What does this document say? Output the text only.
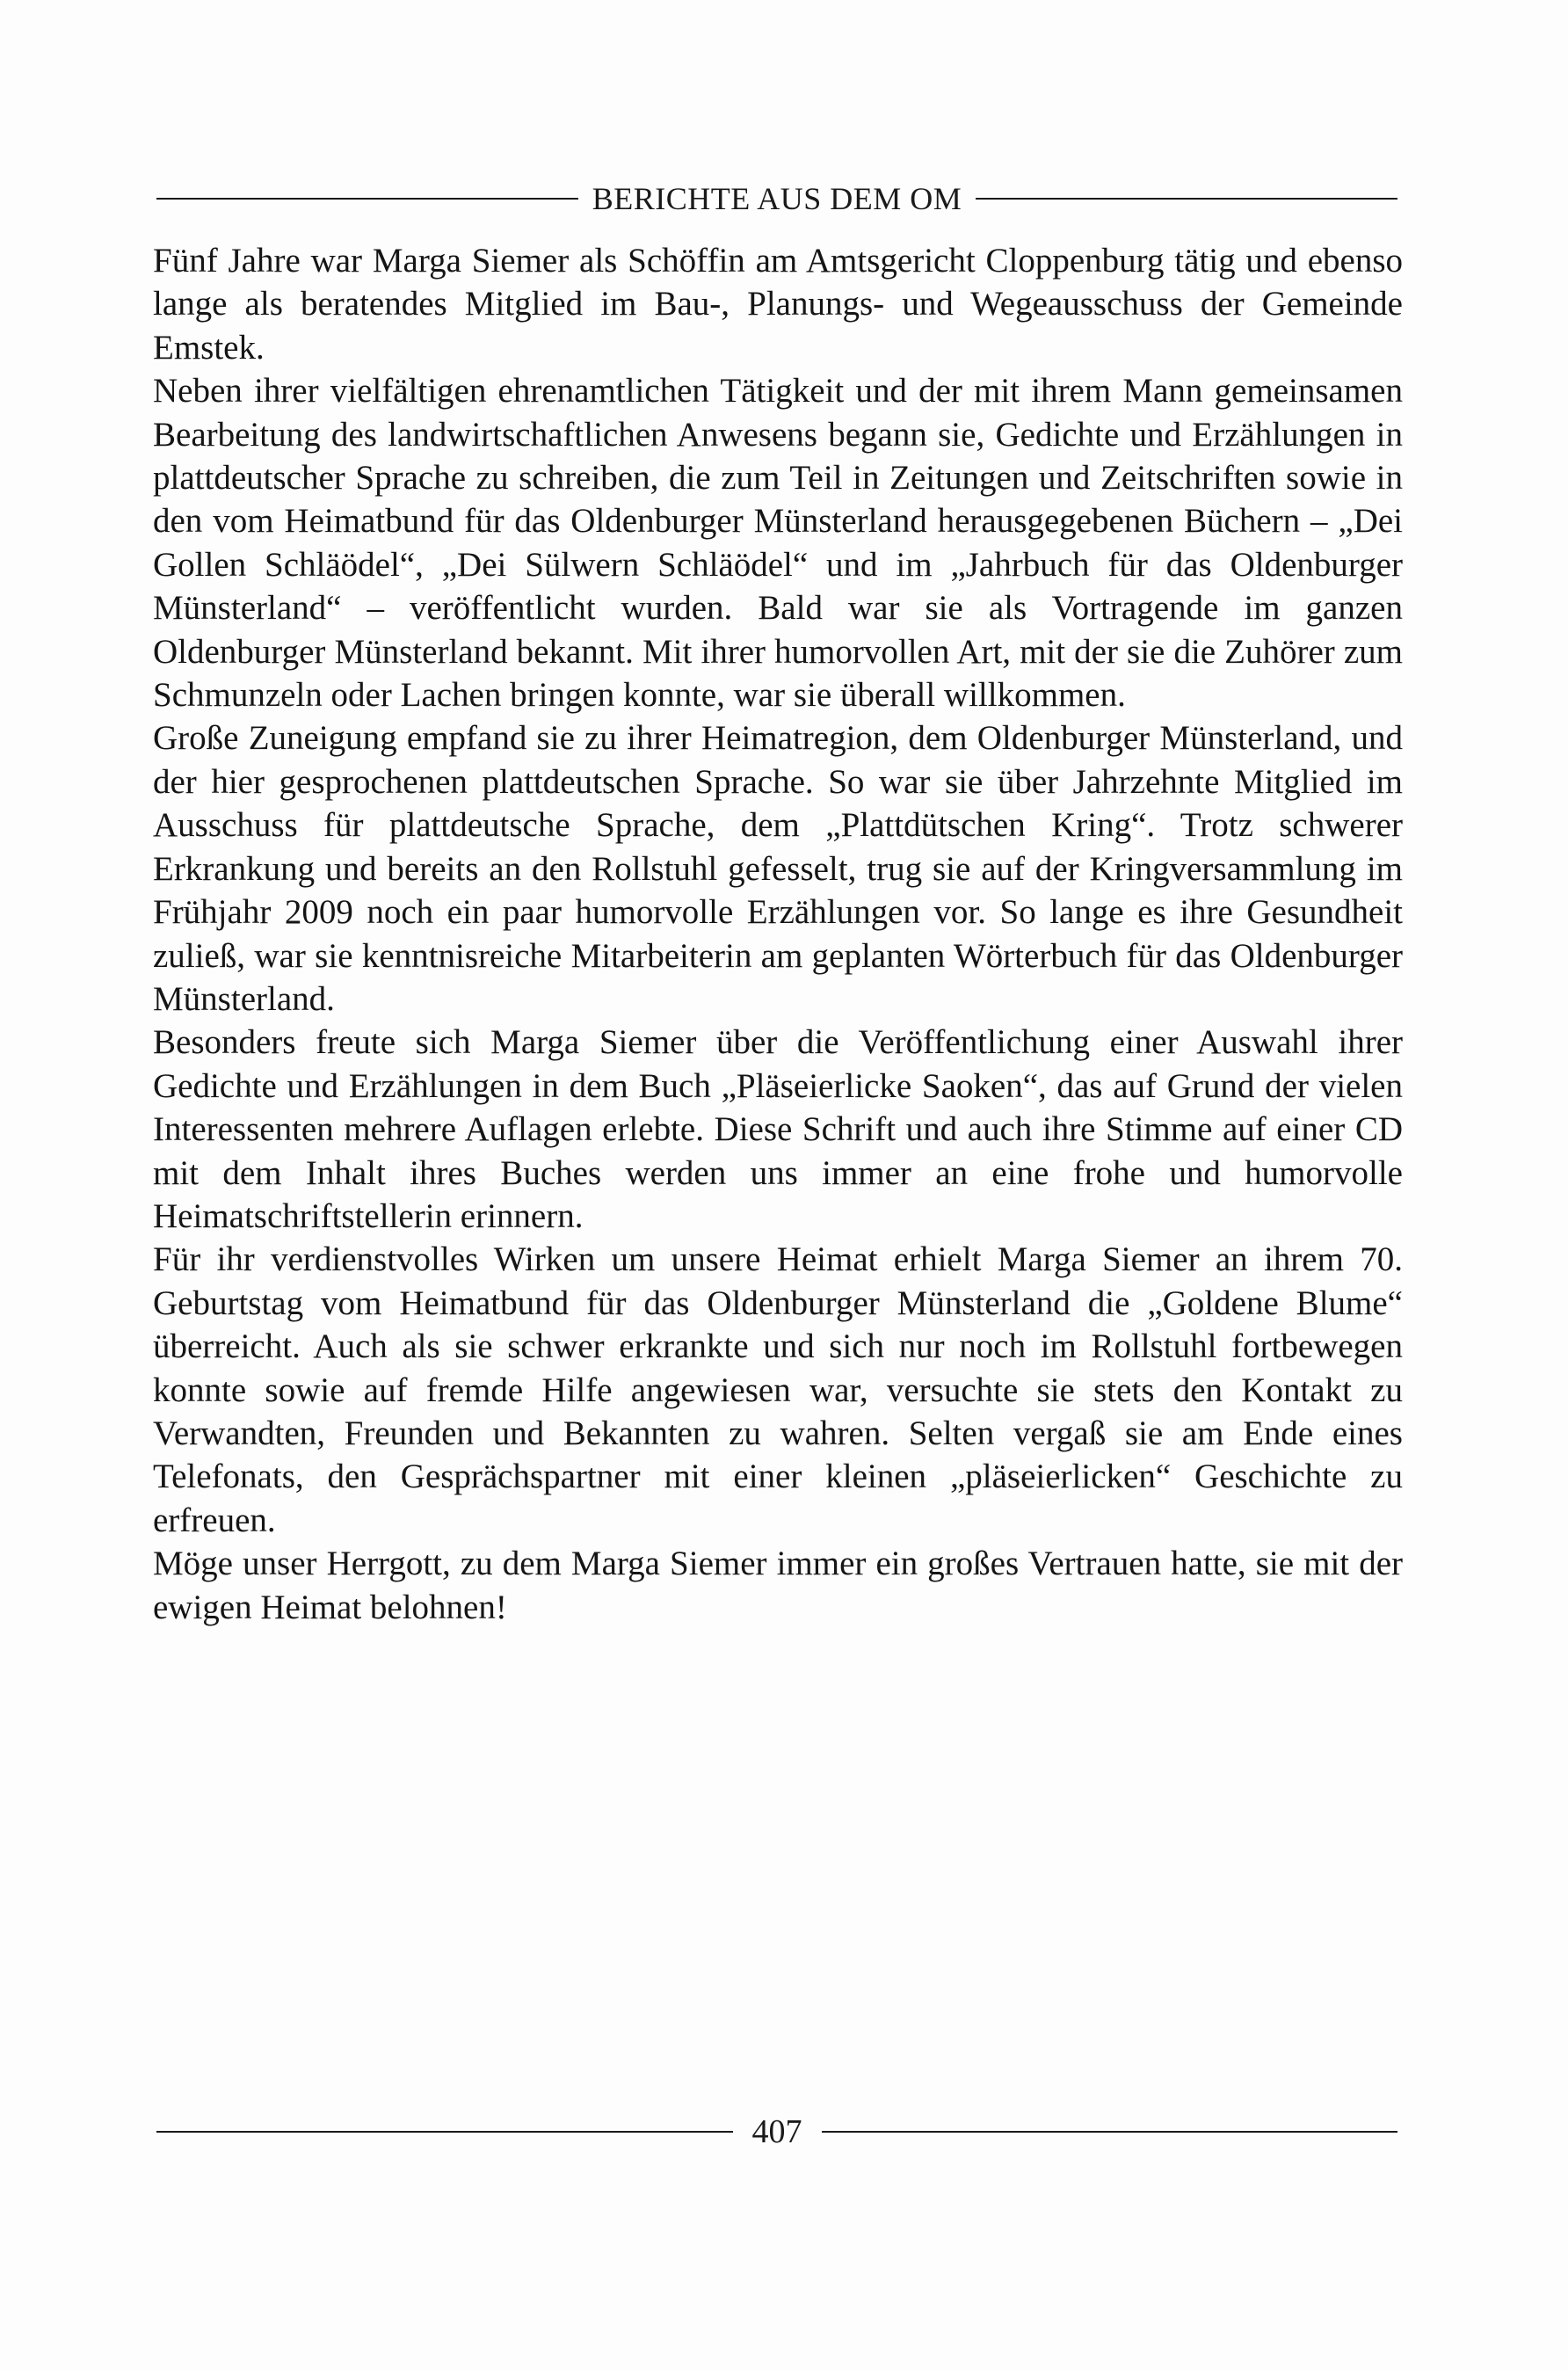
BERICHTE AUS DEM OM

Fünf Jahre war Marga Siemer als Schöffin am Amtsgericht Cloppenburg tätig und ebenso lange als beratendes Mitglied im Bau-, Planungs- und Wegeausschuss der Gemeinde Emstek.

Neben ihrer vielfältigen ehrenamtlichen Tätigkeit und der mit ihrem Mann gemeinsamen Bearbeitung des landwirtschaftlichen Anwesens begann sie, Gedichte und Erzählungen in plattdeutscher Sprache zu schreiben, die zum Teil in Zeitungen und Zeitschriften sowie in den vom Heimatbund für das Oldenburger Münsterland herausgegebenen Büchern – „Dei Gollen Schläödel“, „Dei Sülwern Schläödel“ und im „Jahrbuch für das Oldenburger Münsterland“ – veröffentlicht wurden. Bald war sie als Vortragende im ganzen Oldenburger Münsterland bekannt. Mit ihrer humorvollen Art, mit der sie die Zuhörer zum Schmunzeln oder Lachen bringen konnte, war sie überall willkommen.

Große Zuneigung empfand sie zu ihrer Heimatregion, dem Oldenburger Münsterland, und der hier gesprochenen plattdeutschen Sprache. So war sie über Jahrzehnte Mitglied im Ausschuss für plattdeutsche Sprache, dem „Plattdütschen Kring“. Trotz schwerer Erkrankung und bereits an den Rollstuhl gefesselt, trug sie auf der Kringversammlung im Frühjahr 2009 noch ein paar humorvolle Erzählungen vor. So lange es ihre Gesundheit zuließ, war sie kenntnisreiche Mitarbeiterin am geplanten Wörterbuch für das Oldenburger Münsterland.

Besonders freute sich Marga Siemer über die Veröffentlichung einer Auswahl ihrer Gedichte und Erzählungen in dem Buch „Pläseierlicke Saoken“, das auf Grund der vielen Interessenten mehrere Auflagen erlebte. Diese Schrift und auch ihre Stimme auf einer CD mit dem Inhalt ihres Buches werden uns immer an eine frohe und humorvolle Heimatschriftstellerin erinnern.

Für ihr verdienstvolles Wirken um unsere Heimat erhielt Marga Siemer an ihrem 70. Geburtstag vom Heimatbund für das Oldenburger Münsterland die „Goldene Blume“ überreicht. Auch als sie schwer erkrankte und sich nur noch im Rollstuhl fortbewegen konnte sowie auf fremde Hilfe angewiesen war, versuchte sie stets den Kontakt zu Verwandten, Freunden und Bekannten zu wahren. Selten vergaß sie am Ende eines Telefonats, den Gesprächspartner mit einer kleinen „pläseierlicken“ Geschichte zu erfreuen.

Möge unser Herrgott, zu dem Marga Siemer immer ein großes Vertrauen hatte, sie mit der ewigen Heimat belohnen!

407
